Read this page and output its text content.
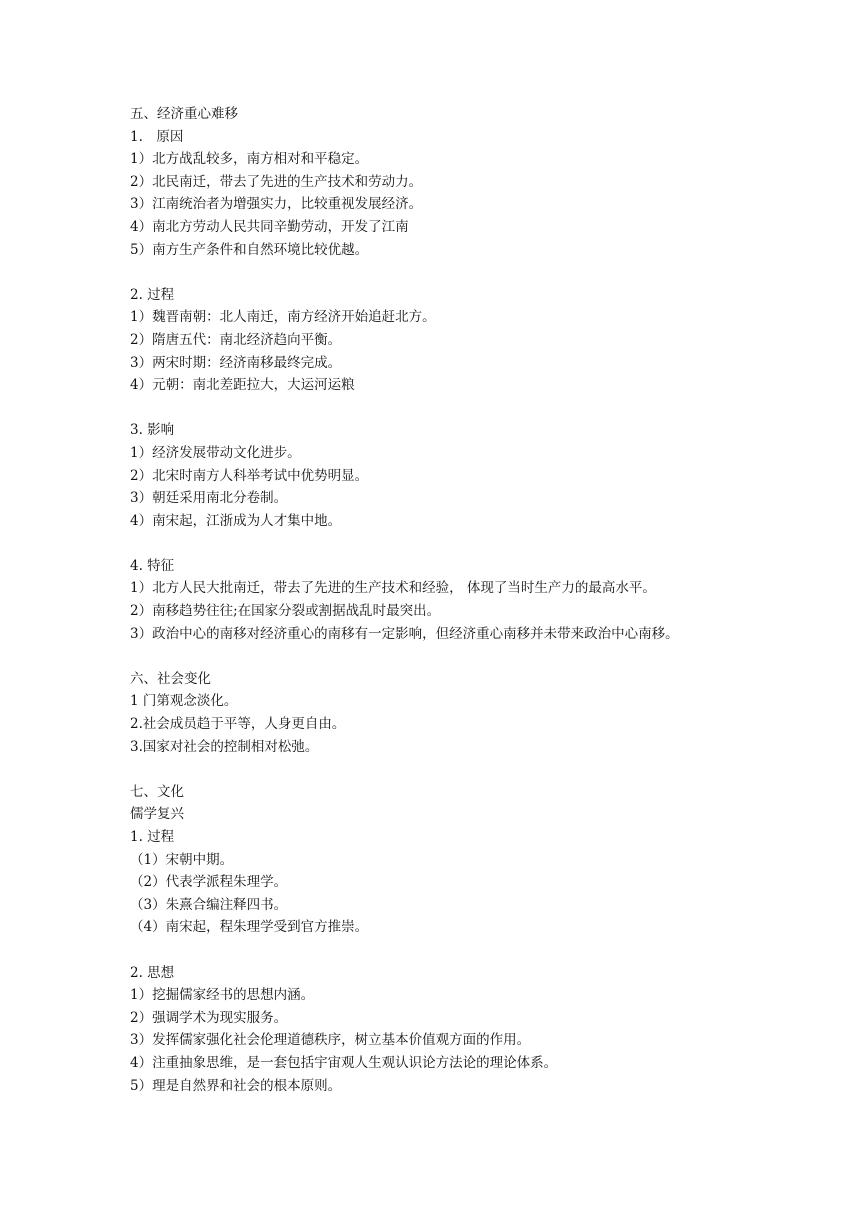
五、经济重心难移
1.　原因
1）北方战乱较多，南方相对和平稳定。
2）北民南迁，带去了先进的生产技术和劳动力。
3）江南统治者为增强实力，比较重视发展经济。
4）南北方劳动人民共同辛勤劳动，开发了江南
5）南方生产条件和自然环境比较优越。
2. 过程
1）魏晋南朝：北人南迁，南方经济开始追赶北方。
2）隋唐五代：南北经济趋向平衡。
3）两宋时期：经济南移最终完成。
4）元朝：南北差距拉大，大运河运粮
3. 影响
1）经济发展带动文化进步。
2）北宋时南方人科举考试中优势明显。
3）朝廷采用南北分卷制。
4）南宋起，江浙成为人才集中地。
4. 特征
1）北方人民大批南迁，带去了先进的生产技术和经验， 体现了当时生产力的最高水平。
2）南移趋势往往;在国家分裂或割据战乱时最突出。
3）政治中心的南移对经济重心的南移有一定影响，但经济重心南移并未带来政治中心南移。
六、社会变化
1 门第观念淡化。
2.社会成员趋于平等，人身更自由。
3.国家对社会的控制相对松弛。
七、文化
儒学复兴
1. 过程
（1）宋朝中期。
（2）代表学派程朱理学。
（3）朱熹合编注释四书。
（4）南宋起，程朱理学受到官方推崇。
2. 思想
1）挖掘儒家经书的思想内涵。
2）强调学术为现实服务。
3）发挥儒家强化社会伦理道德秩序，树立基本价值观方面的作用。
4）注重抽象思维，是一套包括宇宙观人生观认识论方法论的理论体系。
5）理是自然界和社会的根本原则。
